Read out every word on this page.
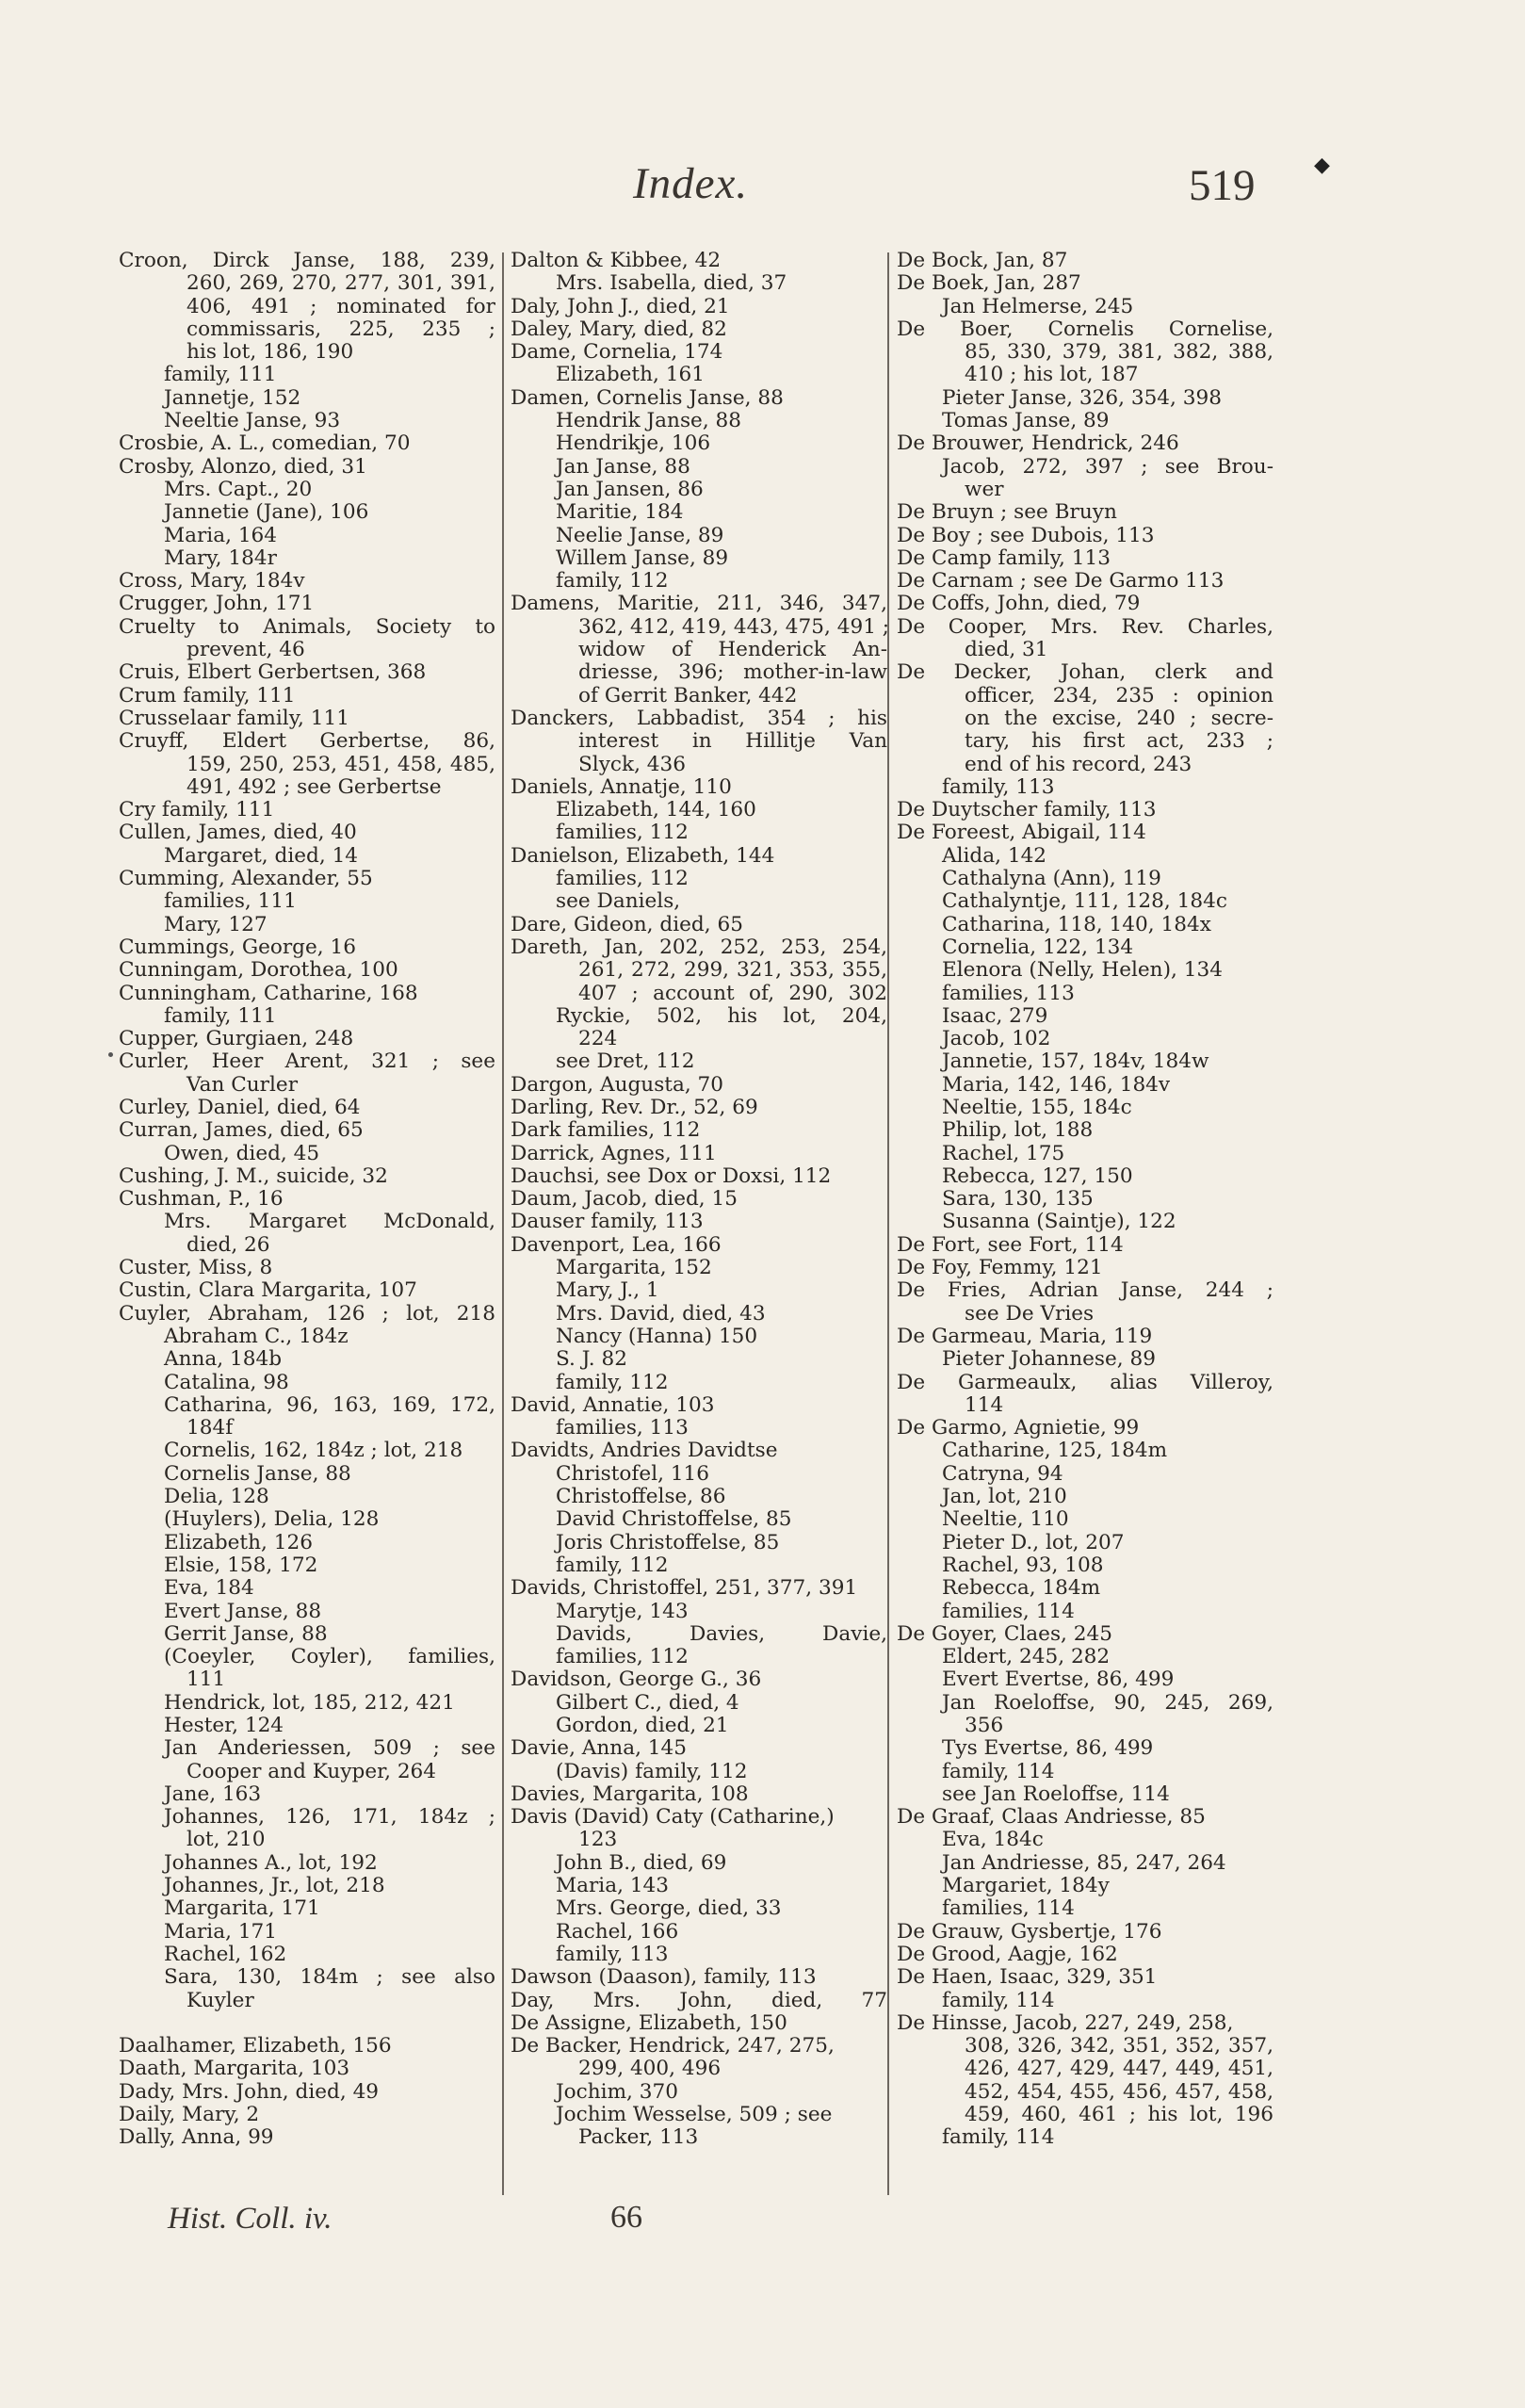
Index.	519	◆
Croon, Dirck Janse, 188, 239,
260, 269, 270, 277, 301, 391,
406, 491 ; nominated for
commissaris, 225, 235 ;
his lot, 186, 190
family, 111
Jannetje, 152
Neeltie Janse, 93
Crosbie, A. L., comedian, 70
Crosby, Alonzo, died, 31
Mrs. Capt., 20
Jannetie (Jane), 106
Maria, 164
Mary, 184r
Cross, Mary, 184v
Crugger, John, 171
Cruelty to Animals, Society to
prevent, 46
Cruis, Elbert Gerbertsen, 368
Crum family, 111
Crusselaar family, 111
Cruyff, Eldert Gerbertse, 86,
159, 250, 253, 451, 458, 485,
491, 492 ; see Gerbertse
Cry family, 111
Cullen, James, died, 40
Margaret, died, 14
Cumming, Alexander, 55
families, 111
Mary, 127
Cummings, George, 16
Cunningam, Dorothea, 100
Cunningham, Catharine, 168
family, 111
Cupper, Gurgiaen, 248
Curler, Heer Arent, 321 ; see
Van Curler
Curley, Daniel, died, 64
Curran, James, died, 65
Owen, died, 45
Cushing, J. M., suicide, 32
Cushman, P., 16
Mrs. Margaret McDonald,
died, 26
Custer, Miss, 8
Custin, Clara Margarita, 107
Cuyler, Abraham, 126 ; lot, 218
Abraham C., 184z
Anna, 184b
Catalina, 98
Catharina, 96, 163, 169, 172,
184f
Cornelis, 162, 184z ; lot, 218
Cornelis Janse, 88
Delia, 128
(Huylers), Delia, 128
Elizabeth, 126
Elsie, 158, 172
Eva, 184
Evert Janse, 88
Gerrit Janse, 88
(Coeyler, Coyler), families,
111
Hendrick, lot, 185, 212, 421
Hester, 124
Jan Anderiessen, 509 ; see
Cooper and Kuyper, 264
Jane, 163
Johannes, 126, 171, 184z ;
lot, 210
Johannes A., lot, 192
Johannes, Jr., lot, 218
Margarita, 171
Maria, 171
Rachel, 162
Sara, 130, 184m ; see also
Kuyler
Daalhamer, Elizabeth, 156
Daath, Margarita, 103
Dady, Mrs. John, died, 49
Daily, Mary, 2
Dally, Anna, 99
Dalton & Kibbee, 42
Mrs. Isabella, died, 37
Daly, John J., died, 21
Daley, Mary, died, 82
Dame, Cornelia, 174
Elizabeth, 161
Damen, Cornelis Janse, 88
Hendrik Janse, 88
Hendrikje, 106
Jan Janse, 88
Jan Jansen, 86
Maritie, 184
Neelie Janse, 89
Willem Janse, 89
family, 112
Damens, Maritie, 211, 346, 347,
362, 412, 419, 443, 475, 491 ;
widow of Henderick An-
driesse, 396; mother-in-law
of Gerrit Banker, 442
Danckers, Labbadist, 354 ; his
interest in Hillitje Van
Slyck, 436
Daniels, Annatje, 110
Elizabeth, 144, 160
families, 112
Danielson, Elizabeth, 144
families, 112
see Daniels,
Dare, Gideon, died, 65
Dareth, Jan, 202, 252, 253, 254,
261, 272, 299, 321, 353, 355,
407 ; account of, 290, 302
Ryckie, 502, his lot, 204,
224
see Dret, 112
Dargon, Augusta, 70
Darling, Rev. Dr., 52, 69
Dark families, 112
Darrick, Agnes, 111
Dauchsi, see Dox or Doxsi, 112
Daum, Jacob, died, 15
Dauser family, 113
Davenport, Lea, 166
Margarita, 152
Mary, J., 1
Mrs. David, died, 43
Nancy (Hanna) 150
S. J. 82
family, 112
David, Annatie, 103
families, 113
Davidts, Andries Davidtse
Christofel, 116
Christoffelse, 86
David Christoffelse, 85
Joris Christoffelse, 85
family, 112
Davids, Christoffel, 251, 377, 391
Marytje, 143
Davids, Davies, Davie,
families, 112
Davidson, George G., 36
Gilbert C., died, 4
Gordon, died, 21
Davie, Anna, 145
(Davis) family, 112
Davies, Margarita, 108
Davis (David) Caty (Catharine,)
123
John B., died, 69
Maria, 143
Mrs. George, died, 33
Rachel, 166
family, 113
Dawson (Daason), family, 113
Day, Mrs. John, died, 77
De Assigne, Elizabeth, 150
De Backer, Hendrick, 247, 275,
299, 400, 496
Jochim, 370
Jochim Wesselse, 509 ; see
Packer, 113
De Bock, Jan, 87
De Boek, Jan, 287
Jan Helmerse, 245
De Boer, Cornelis Cornelise,
85, 330, 379, 381, 382, 388,
410 ; his lot, 187
Pieter Janse, 326, 354, 398
Tomas Janse, 89
De Brouwer, Hendrick, 246
Jacob, 272, 397 ; see Brou-
wer
De Bruyn ; see Bruyn
De Boy ; see Dubois, 113
De Camp family, 113
De Carnam ; see De Garmo 113
De Coffs, John, died, 79
De Cooper, Mrs. Rev. Charles,
died, 31
De Decker, Johan, clerk and
officer, 234, 235 : opinion
on the excise, 240 ; secre-
tary, his first act, 233 ;
end of his record, 243
family, 113
De Duytscher family, 113
De Foreest, Abigail, 114
Alida, 142
Cathalyna (Ann), 119
Cathalyntje, 111, 128, 184c
Catharina, 118, 140, 184x
Cornelia, 122, 134
Elenora (Nelly, Helen), 134
families, 113
Isaac, 279
Jacob, 102
Jannetie, 157, 184v, 184w
Maria, 142, 146, 184v
Neeltie, 155, 184c
Philip, lot, 188
Rachel, 175
Rebecca, 127, 150
Sara, 130, 135
Susanna (Saintje), 122
De Fort, see Fort, 114
De Foy, Femmy, 121
De Fries, Adrian Janse, 244 ;
see De Vries
De Garmeau, Maria, 119
Pieter Johannese, 89
De Garmeaulx, alias Villeroy,
114
De Garmo, Agnietie, 99
Catharine, 125, 184m
Catryna, 94
Jan, lot, 210
Neeltie, 110
Pieter D., lot, 207
Rachel, 93, 108
Rebecca, 184m
families, 114
De Goyer, Claes, 245
Eldert, 245, 282
Evert Evertse, 86, 499
Jan Roeloffse, 90, 245, 269,
356
Tys Evertse, 86, 499
family, 114
see Jan Roeloffse, 114
De Graaf, Claas Andriesse, 85
Eva, 184c
Jan Andriesse, 85, 247, 264
Margariet, 184y
families, 114
De Grauw, Gysbertje, 176
De Grood, Aagje, 162
De Haen, Isaac, 329, 351
family, 114
De Hinsse, Jacob, 227, 249, 258,
308, 326, 342, 351, 352, 357,
426, 427, 429, 447, 449, 451,
452, 454, 455, 456, 457, 458,
459, 460, 461 ; his lot, 196
family, 114
Hist. Coll. iv.	66
